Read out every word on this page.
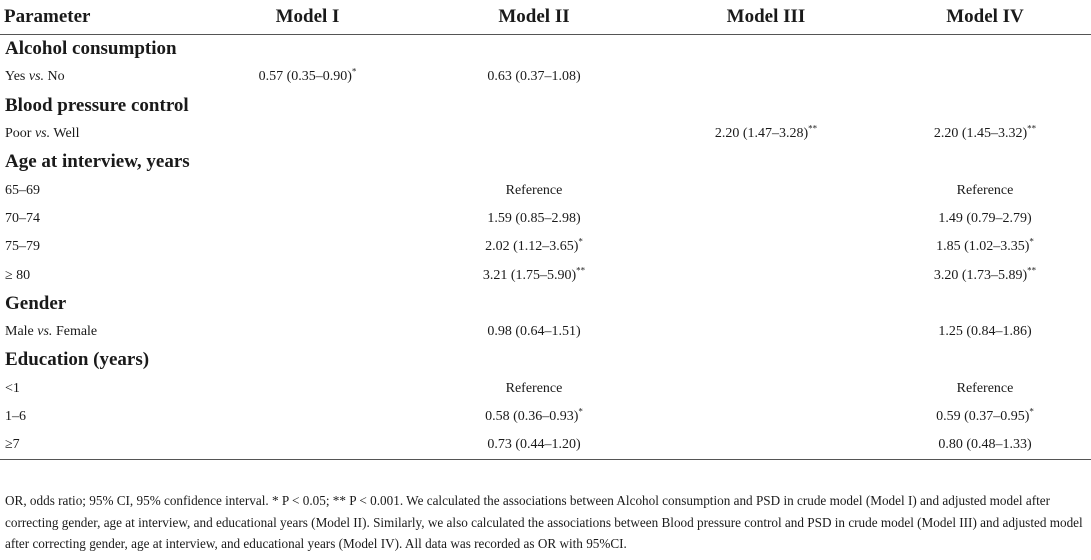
Parameter	Model I	Model II	Model III	Model IV
Alcohol consumption				
Yes vs. No	0.57 (0.35–0.90)*	0.63 (0.37–1.08)		
Blood pressure control				
Poor vs. Well			2.20 (1.47–3.28)**	2.20 (1.45–3.32)**
Age at interview, years				
65–69		Reference		Reference
70–74		1.59 (0.85–2.98)		1.49 (0.79–2.79)
75–79		2.02 (1.12–3.65)*		1.85 (1.02–3.35)*
≥ 80		3.21 (1.75–5.90)**		3.20 (1.73–5.89)**
Gender				
Male vs. Female		0.98 (0.64–1.51)		1.25 (0.84–1.86)
Education (years)				
<1		Reference		Reference
1–6		0.58 (0.36–0.93)*		0.59 (0.37–0.95)*
≥7		0.73 (0.44–1.20)		0.80 (0.48–1.33)
OR, odds ratio; 95% CI, 95% confidence interval. * P < 0.05; ** P < 0.001. We calculated the associations between Alcohol consumption and PSD in crude model (Model I) and adjusted model after correcting gender, age at interview, and educational years (Model II). Similarly, we also calculated the associations between Blood pressure control and PSD in crude model (Model III) and adjusted model after correcting gender, age at interview, and educational years (Model IV). All data was recorded as OR with 95%CI.
